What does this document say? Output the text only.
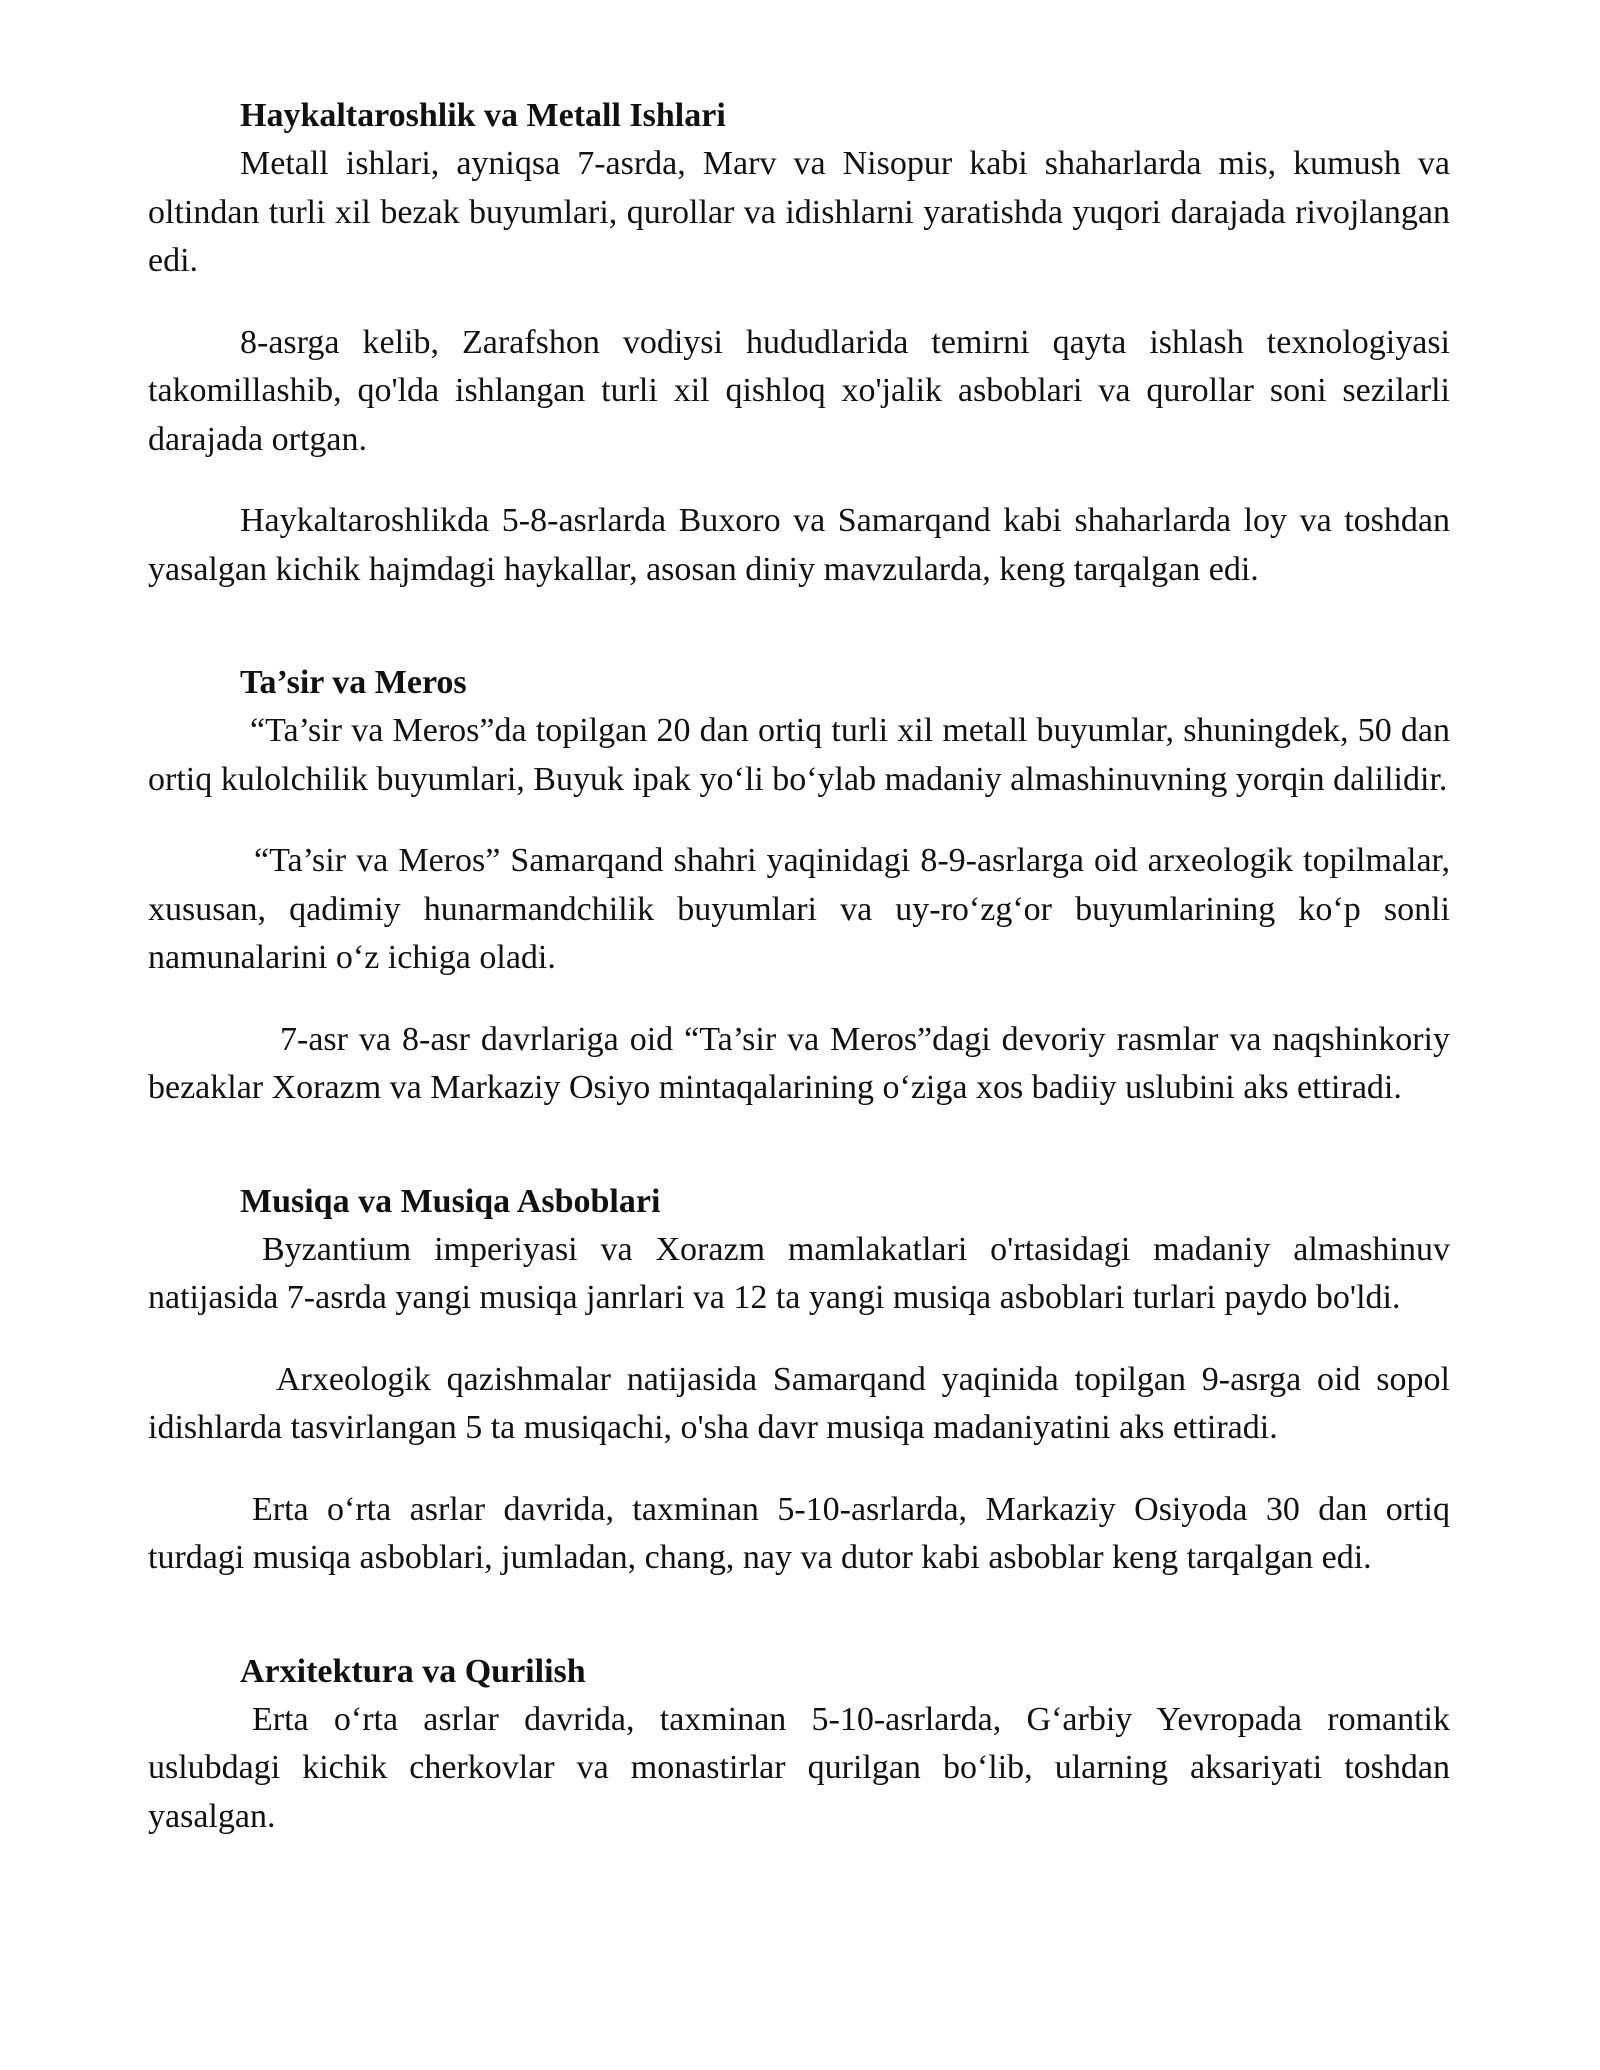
Haykaltaroshlik va Metall Ishlari

Metall ishlari, ayniqsa 7-asrda, Marv va Nisopur kabi shaharlarda mis, kumush va oltindan turli xil bezak buyumlari, qurollar va idishlarni yaratishda yuqori darajada rivojlangan edi.

8-asrga kelib, Zarafshon vodiysi hududlarida temirni qayta ishlash texnologiyasi takomillashib, qo'lda ishlangan turli xil qishloq xo'jalik asboblari va qurollar soni sezilarli darajada ortgan.

Haykaltaroshlikda 5-8-asrlarda Buxoro va Samarqand kabi shaharlarda loy va toshdan yasalgan kichik hajmdagi haykallar, asosan diniy mavzularda, keng tarqalgan edi.

Ta’sir va Meros

“Ta’sir va Meros”da topilgan 20 dan ortiq turli xil metall buyumlar, shuningdek, 50 dan ortiq kulolchilik buyumlari, Buyuk ipak yo‘li bo‘ylab madaniy almashinuvning yorqin dalilidir.

“Ta’sir va Meros” Samarqand shahri yaqinidagi 8-9-asrlarga oid arxeologik topilmalar, xususan, qadimiy hunarmandchilik buyumlari va uy-ro‘zg‘or buyumlarining ko‘p sonli namunalarini o‘z ichiga oladi.

7-asr va 8-asr davrlariga oid “Ta’sir va Meros”dagi devoriy rasmlar va naqshinkoriy bezaklar Xorazm va Markaziy Osiyo mintaqalarining o‘ziga xos badiiy uslubini aks ettiradi.

Musiqa va Musiqa Asboblari

Byzantium imperiyasi va Xorazm mamlakatlari o'rtasidagi madaniy almashinuv natijasida 7-asrda yangi musiqa janrlari va 12 ta yangi musiqa asboblari turlari paydo bo'ldi.

Arxeologik qazishmalar natijasida Samarqand yaqinida topilgan 9-asrga oid sopol idishlarda tasvirlangan 5 ta musiqachi, o'sha davr musiqa madaniyatini aks ettiradi.

Erta o‘rta asrlar davrida, taxminan 5-10-asrlarda, Markaziy Osiyoda 30 dan ortiq turdagi musiqa asboblari, jumladan, chang, nay va dutor kabi asboblar keng tarqalgan edi.

Arxitektura va Qurilish

Erta o‘rta asrlar davrida, taxminan 5-10-asrlarda, G‘arbiy Yevropada romantik uslubdagi kichik cherkovlar va monastirlar qurilgan bo‘lib, ularning aksariyati toshdan yasalgan.
